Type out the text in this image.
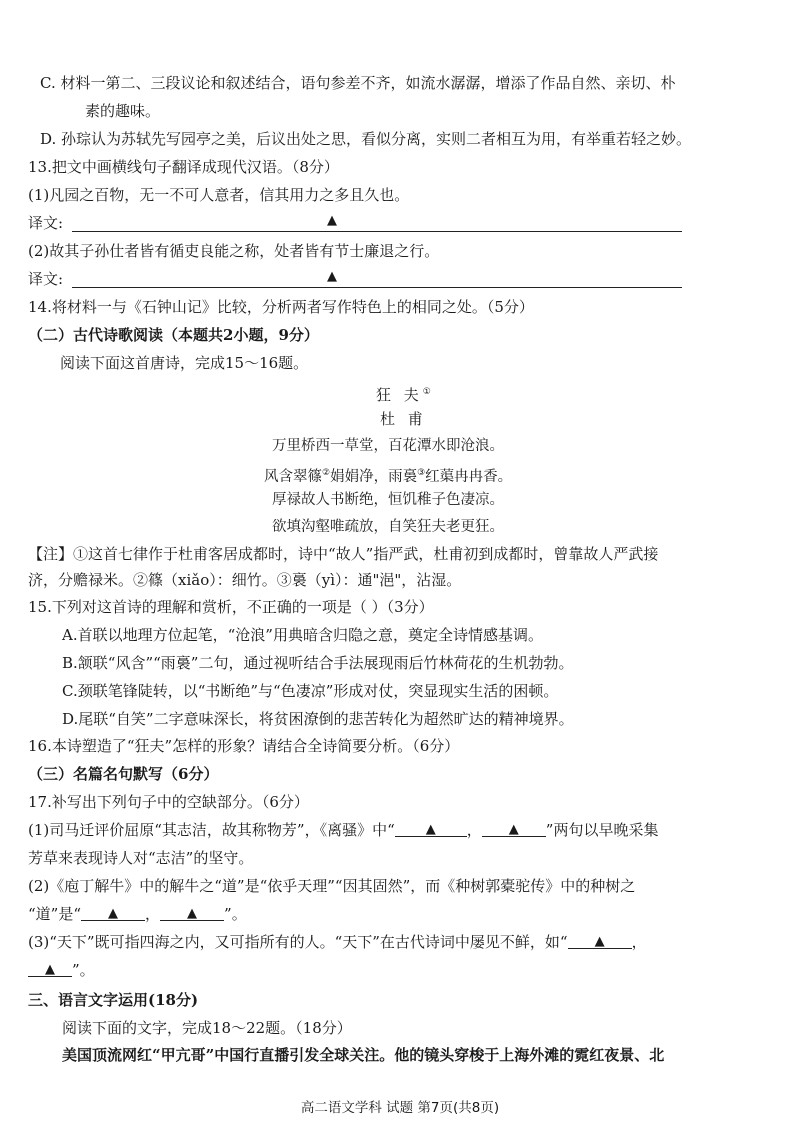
C. 材料一第二、三段议论和叙述结合，语句参差不齐，如流水潺潺，增添了作品自然、亲切、朴
素的趣味。
D. 孙琮认为苏轼先写园亭之美，后议出处之思，看似分离，实则二者相互为用，有举重若轻之妙。
13.把文中画横线句子翻译成现代汉语。（8分）
(1)凡园之百物，无一不可人意者，信其用力之多且久也。
译文:	▲
(2)故其子孙仕者皆有循吏良能之称，处者皆有节士廉退之行。
译文:	▲
14.将材料一与《石钟山记》比较，分析两者写作特色上的相同之处。（5分）
（二）古代诗歌阅读（本题共2小题，9分）
阅读下面这首唐诗，完成15～16题。
狂 夫①
杜 甫
万里桥西一草堂，百花潭水即沧浪。
风含翠篠②娟娟净，雨裛③红蕖冉冉香。
厚禄故人书断绝，恒饥稚子色凄凉。
欲填沟壑唯疏放，自笑狂夫老更狂。
【注】①这首七律作于杜甫客居成都时，诗中“故人”指严武，杜甫初到成都时，曾靠故人严武接
济，分赡禄米。②篠（xiǎo）：细竹。③裛（yì）：通"浥"，沾湿。
15.下列对这首诗的理解和赏析，不正确的一项是（ ）（3分）
A.首联以地理方位起笔，“沧浪”用典暗含归隐之意，奠定全诗情感基调。
B.颔联“风含”“雨裛”二句，通过视听结合手法展现雨后竹林荷花的生机勃勃。
C.颈联笔锋陡转，以“书断绝”与“色凄凉”形成对仗，突显现实生活的困顿。
D.尾联“自笑”二字意味深长，将贫困潦倒的悲苦转化为超然旷达的精神境界。
16.本诗塑造了“狂夫”怎样的形象？请结合全诗简要分析。（6分）
（三）名篇名句默写（6分）
17.补写出下列句子中的空缺部分。（6分）
(1)司马迁评价屈原“其志洁，故其称物芳”，《离骚》中“ ▲ ， ▲ ”两句以早晚采集
芳草来表现诗人对“志洁”的坚守。
(2)《庖丁解牛》中的解牛之“道”是“依乎天理”“因其固然”，而《种树郭橐驼传》中的种树之
“道”是“ ▲ ， ▲ ”。
(3)“天下”既可指四海之内，又可指所有的人。“天下”在古代诗词中屡见不鲜，如“ ▲ ，
▲ ”。
三、语言文字运用(18分)
阅读下面的文字，完成18～22题。（18分）
美国顶流网红“甲亢哥”中国行直播引发全球关注。他的镜头穿梭于上海外滩的霓红夜景、北
高二语文学科 试题 第7页(共8页)
